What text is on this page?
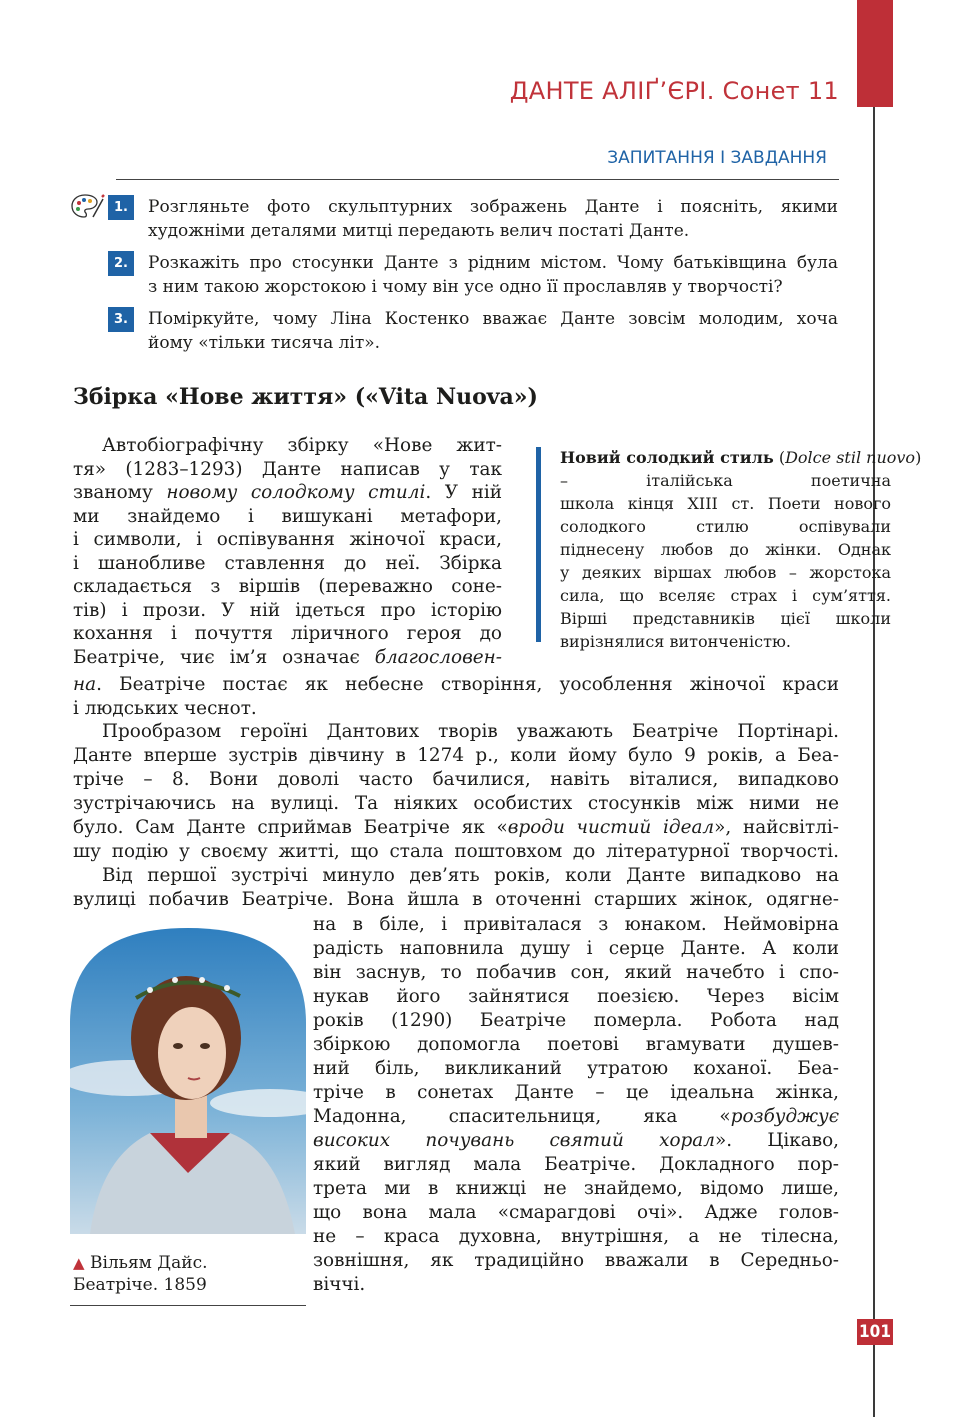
101
ДАНТЕ АЛІҐ’ЄРІ. Сонет 11
ЗАПИТАННЯ І ЗАВДАННЯ
1.	Розгляньте фото скульптурних зображень Данте і поясніть, якими
художніми деталями митці передають велич постаті Данте.
2.	Розкажіть про стосунки Данте з рідним містом. Чому батьківщина була
з ним такою жорстокою і чому він усе одно її прославляв у творчості?
3.	Поміркуйте, чому Ліна Костенко вважає Данте зовсім молодим, хоча
йому «тільки тисяча літ».
Збірка «Нове життя» («Vita Nuova»)
Новий солодкий стиль (Dolce stil nuovo)
– італійська поетична
школа кінця XIII ст. Поети нового
солодкого стилю оспівували
піднесену любов до жінки. Однак
у деяких віршах любов – жорстока
сила, що вселяє страх і сум’яття.
Вірші представників цієї школи
вирізнялися витонченістю.
Автобіографічну збірку «Нове жит-
тя» (1283–1293) Данте написав у так
званому новому солодкому стилі. У ній
ми знайдемо і вишукані метафори,
і символи, і оспівування жіночої краси,
і шанобливе ставлення до неї. Збірка
складається з віршів (переважно соне-
тів) і прози. У ній ідеться про історію
кохання і почуття ліричного героя до
Беатріче, чиє ім’я означає благословен-
на. Беатріче постає як небесне створіння, уособлення жіночої краси
і людських чеснот.
Прообразом героїні Дантових творів уважають Беатріче Портінарі.
Данте вперше зустрів дівчину в 1274 р., коли йому було 9 років, а Беа-
тріче – 8. Вони доволі часто бачилися, навіть віталися, випадково
зустрічаючись на вулиці. Та ніяких особистих стосунків між ними не
було. Сам Данте сприймав Беатріче як «вроди чистий ідеал», найсвітлі-
шу подію у своєму житті, що стала поштовхом до літературної творчості.
Від першої зустрічі минуло дев’ять років, коли Данте випадково на
вулиці побачив Беатріче. Вона йшла в оточенні старших жінок, одягне-
на в біле, і привіталася з юнаком. Неймовірна
радість наповнила душу і серце Данте. А коли
він заснув, то побачив сон, який начебто і спо-
нукав його зайнятися поезією. Через вісім
років (1290) Беатріче померла. Робота над
збіркою допомогла поетові вгамувати душев-
ний біль, викликаний утратою коханої. Беа-
тріче в сонетах Данте – це ідеальна жінка,
Мадонна, спасительниця, яка «розбуджує
високих почувань святий хорал». Цікаво,
який вигляд мала Беатріче. Докладного пор-
трета ми в книжці не знайдемо, відомо лише,
що вона мала «смарагдові очі». Адже голов-
не – краса духовна, внутрішня, а не тілесна,
зовнішня, як традиційно вважали в Середньо-
віччі.
▲ Вільям Дайс.
Беатріче. 1859
